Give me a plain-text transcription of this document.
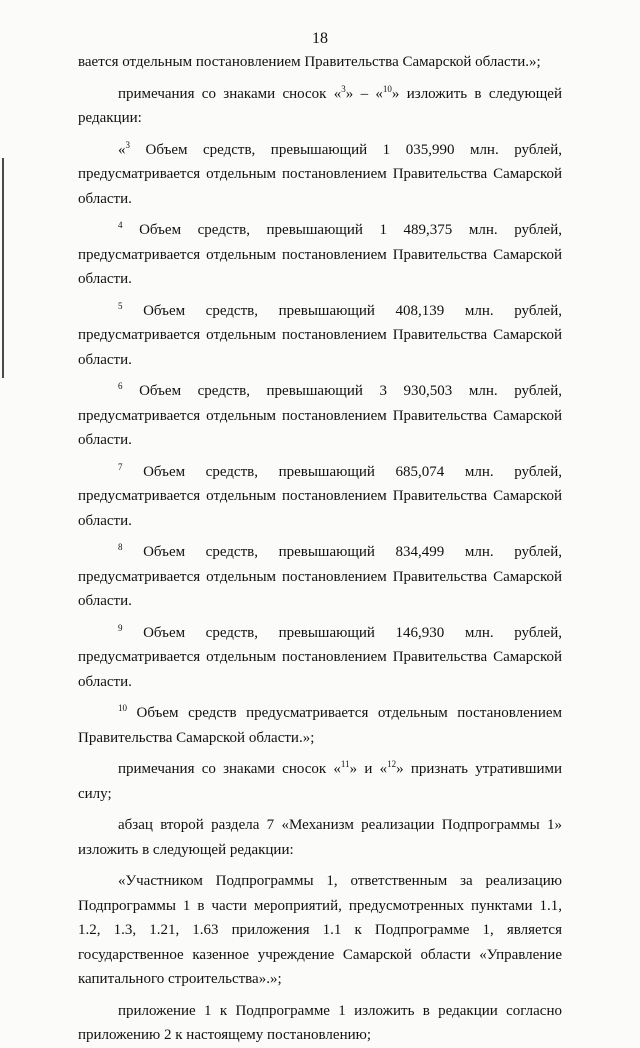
18

вается отдельным постановлением Правительства Самарской области.»;

примечания со знаками сносок «$^3$» – «$^{10}$» изложить в следующей редакции:

«$^3$ Объем средств, превышающий 1 035,990 млн. рублей, предусматривается отдельным постановлением Правительства Самарской области.

$^4$ Объем средств, превышающий 1 489,375 млн. рублей, предусматривается отдельным постановлением Правительства Самарской области.

$^5$ Объем средств, превышающий 408,139 млн. рублей, предусматривается отдельным постановлением Правительства Самарской области.

$^6$ Объем средств, превышающий 3 930,503 млн. рублей, предусматривается отдельным постановлением Правительства Самарской области.

$^7$ Объем средств, превышающий 685,074 млн. рублей, предусматривается отдельным постановлением Правительства Самарской области.

$^8$ Объем средств, превышающий 834,499 млн. рублей, предусматривается отдельным постановлением Правительства Самарской области.

$^9$ Объем средств, превышающий 146,930 млн. рублей, предусматривается отдельным постановлением Правительства Самарской области.

$^{10}$ Объем средств предусматривается отдельным постановлением Правительства Самарской области.»;

примечания со знаками сносок «$^{11}$» и «$^{12}$» признать утратившими силу;

абзац второй раздела 7 «Механизм реализации Подпрограммы 1» изложить в следующей редакции:

«Участником Подпрограммы 1, ответственным за реализацию Подпрограммы 1 в части мероприятий, предусмотренных пунктами 1.1, 1.2, 1.3, 1.21, 1.63 приложения 1.1 к Подпрограмме 1, является государственное казенное учреждение Самарской области «Управление капитального строительства».»;

приложение 1 к Подпрограмме 1 изложить в редакции согласно приложению 2 к настоящему постановлению;
